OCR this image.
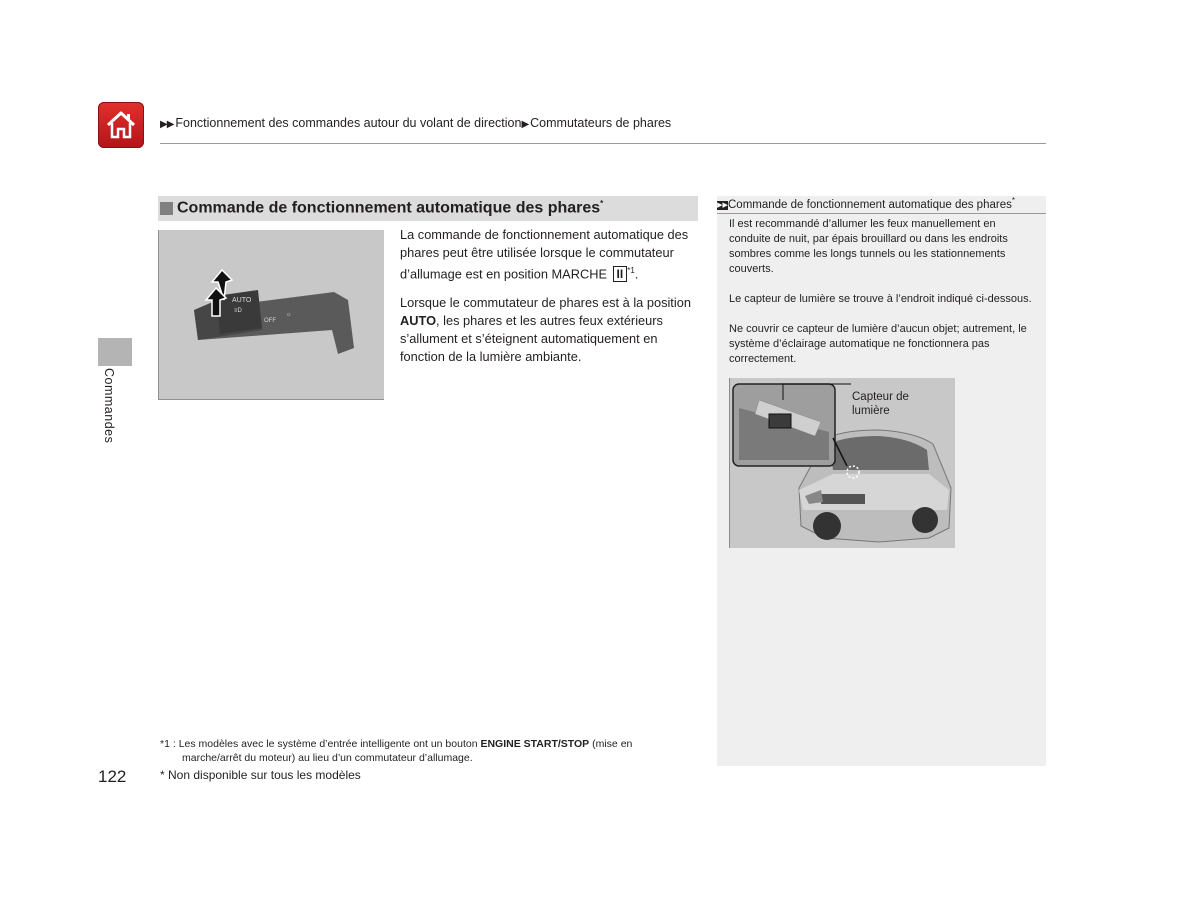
▶▶ Fonctionnement des commandes autour du volant de direction▶ Commutateurs de phares
Commandes
Commande de fonctionnement automatique des phares*
AUTO
OFF
≡D
☼
La commande de fonctionnement automatique des phares peut être utilisée lorsque le commutateur d’allumage est en position MARCHE II $^{*1}$.
Lorsque le commutateur de phares est à la position AUTO, les phares et les autres feux extérieurs s’allument et s’éteignent automatiquement en fonction de la lumière ambiante.
▶▶Commande de fonctionnement automatique des phares*
Il est recommandé d’allumer les feux manuellement en conduite de nuit, par épais brouillard ou dans les endroits sombres comme les longs tunnels ou les stationnements couverts.
Le capteur de lumière se trouve à l’endroit indiqué ci-dessous.
Ne couvrir ce capteur de lumière d’aucun objet; autrement, le système d’éclairage automatique ne fonctionnera pas correctement.
Capteur de
lumière
*1 : Les modèles avec le système d’entrée intelligente ont un bouton ENGINE START/STOP (mise en
marche/arrêt du moteur) au lieu d’un commutateur d’allumage.
122	* Non disponible sur tous les modèles
